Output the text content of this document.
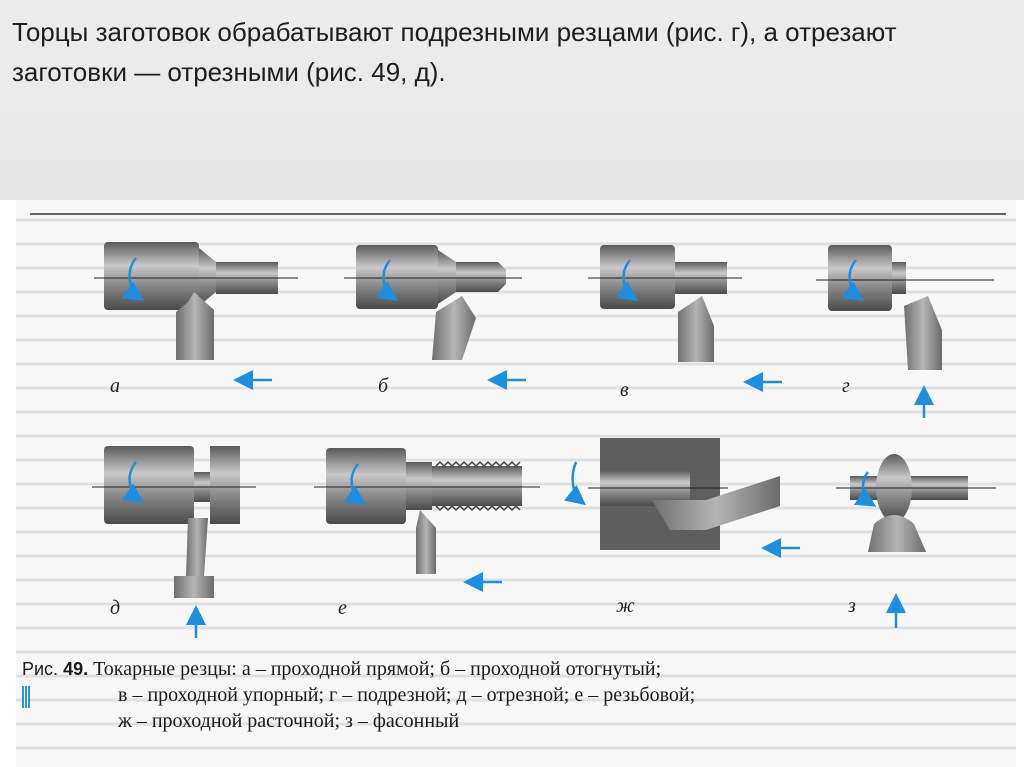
Торцы заготовок обрабатывают подрезными резцами (рис. г), а отрезают заготовки — отрезными (рис. 49, д).
а	б	в	г
д	е	ж	з
Рис. 49. Токарные резцы: а – проходной прямой; б – проходной отогнутый;
в – проходной упорный; г – подрезной; д – отрезной; е – резьбовой;
ж – проходной расточной; з – фасонный
